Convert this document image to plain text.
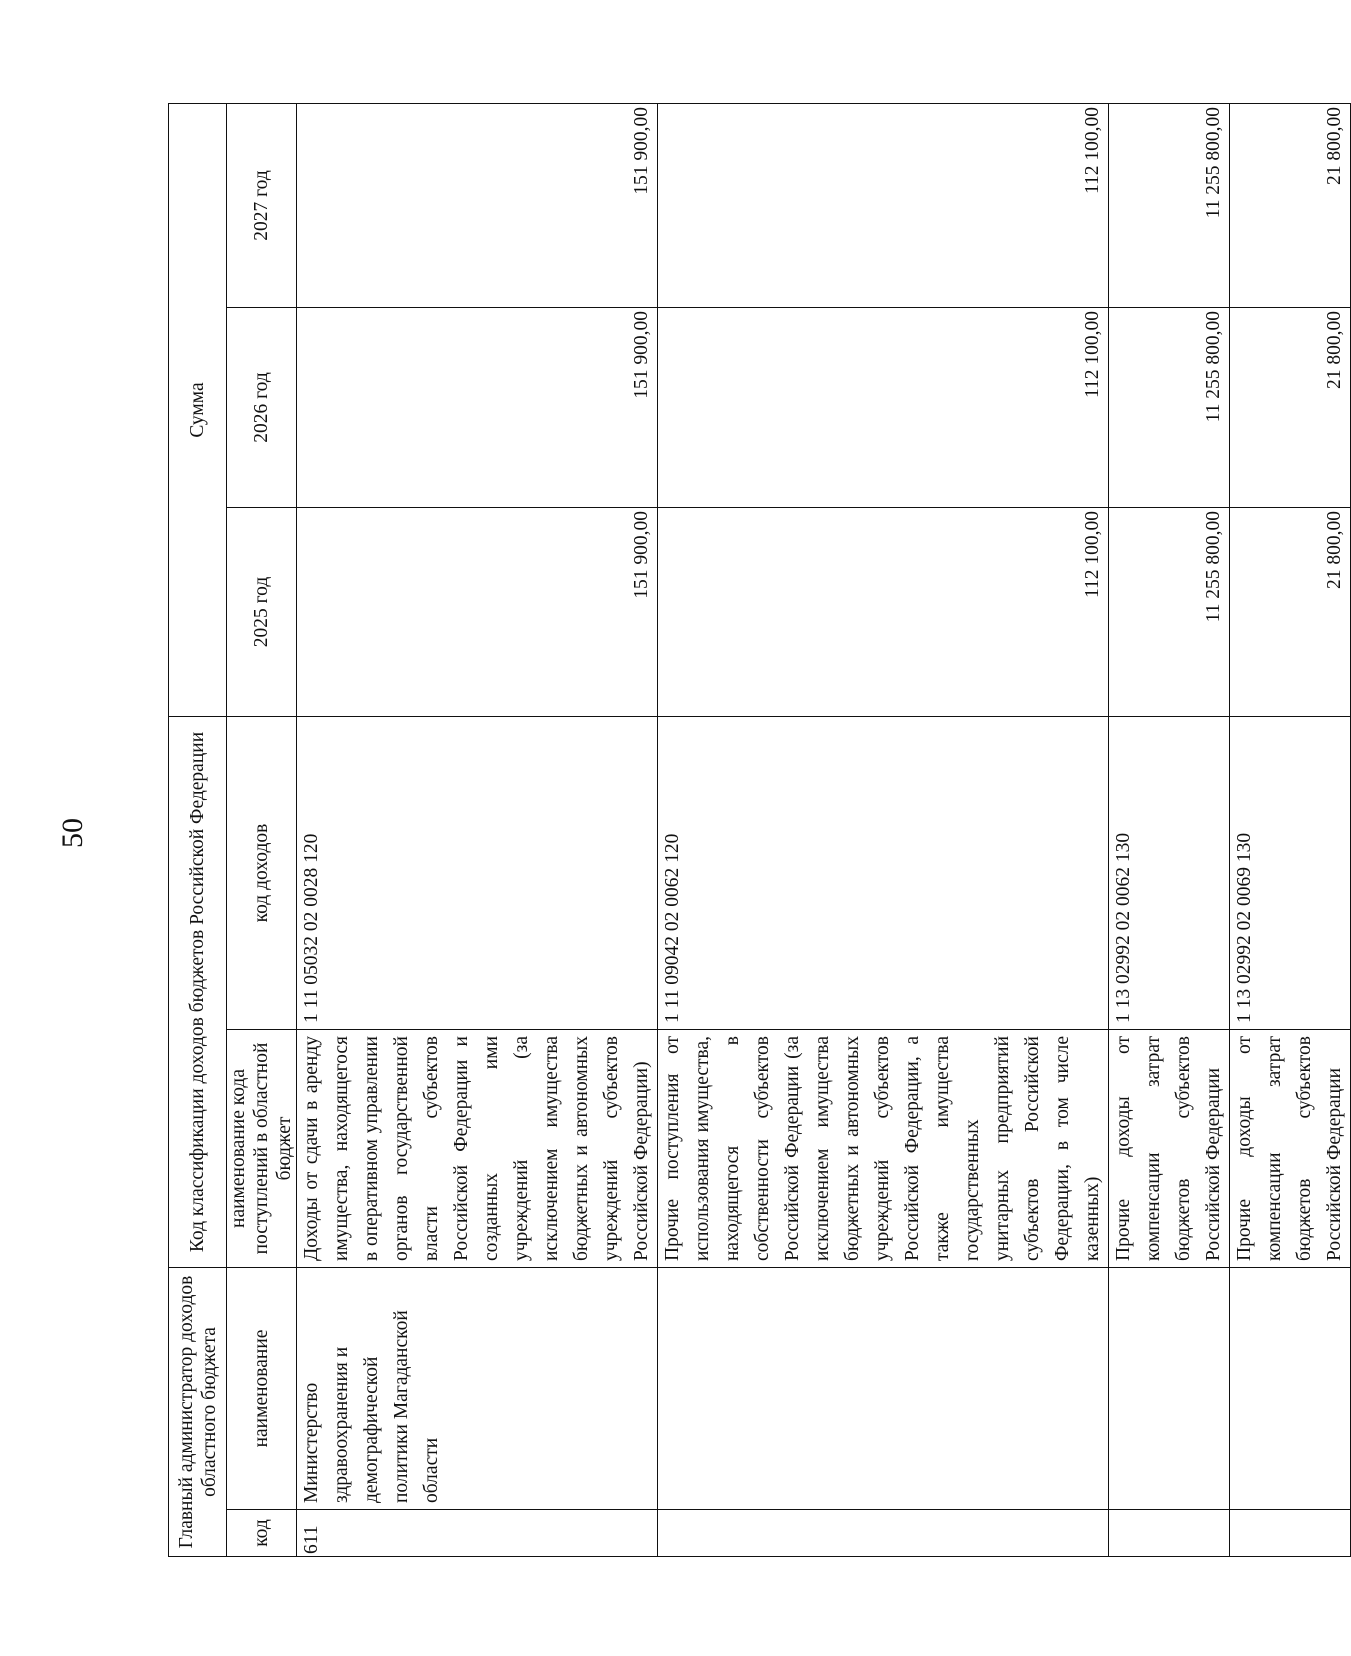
50
Главный администратор доходов областного бюджета		Код классификации доходов бюджетов Российской Федерации		Сумма		
код	наименование	наименование кода поступлений в областной бюджет	код доходов	2025 год	2026 год	2027 год
611	Министерство здравоохранения и демографической политики Магаданской области	Доходы от сдачи в аренду имущества, находящегося в оперативном управлении органов государственной власти субъектов Российской Федерации и созданных ими учреждений (за исключением имущества бюджетных и автономных учреждений субъектов Российской Федерации)	1 11 05032 02 0028 120	151 900,00	151 900,00	151 900,00
		Прочие поступления от использования имущества, находящегося в собственности субъектов Российской Федерации (за исключением имущества бюджетных и автономных учреждений субъектов Российской Федерации, а также имущества государственных унитарных предприятий субъектов Российской Федерации, в том числе казенных)	1 11 09042 02 0062 120	112 100,00	112 100,00	112 100,00
		Прочие доходы от компенсации затрат бюджетов субъектов Российской Федерации	1 13 02992 02 0062 130	11 255 800,00	11 255 800,00	11 255 800,00
		Прочие доходы от компенсации затрат бюджетов субъектов Российской Федерации	1 13 02992 02 0069 130	21 800,00	21 800,00	21 800,00
